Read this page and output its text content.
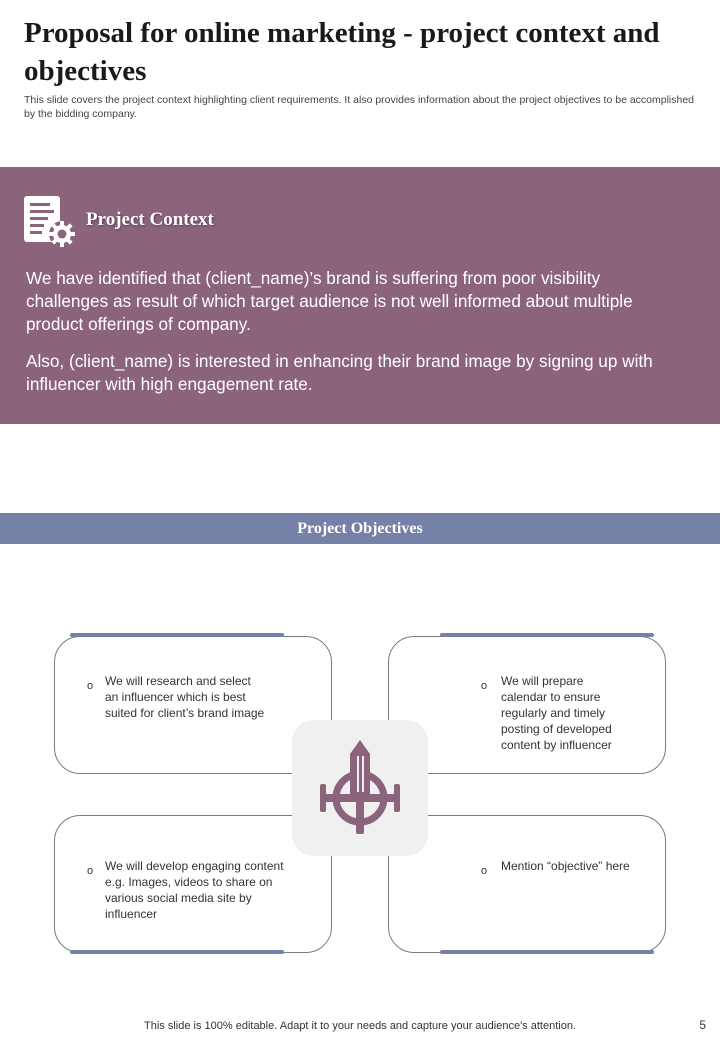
Proposal for online marketing - project context and objectives

This slide covers the project context highlighting client requirements. It also provides information about the project objectives to be accomplished by the bidding company.

Project Context

We have identified that (client_name)’s brand is suffering from poor visibility challenges as result of which target audience is not well informed about multiple product offerings of company.

Also, (client_name) is interested in enhancing their brand image by signing up with influencer with high engagement rate.

Project Objectives
o We will research and select an influencer which is best suited for client’s brand image

o We will prepare calendar to ensure regularly and timely posting of developed content by influencer

o We will develop engaging content e.g. Images, videos to share on various social media site by influencer

o Mention “objective” here

This slide is 100% editable. Adapt it to your needs and capture your audience's attention.	5
